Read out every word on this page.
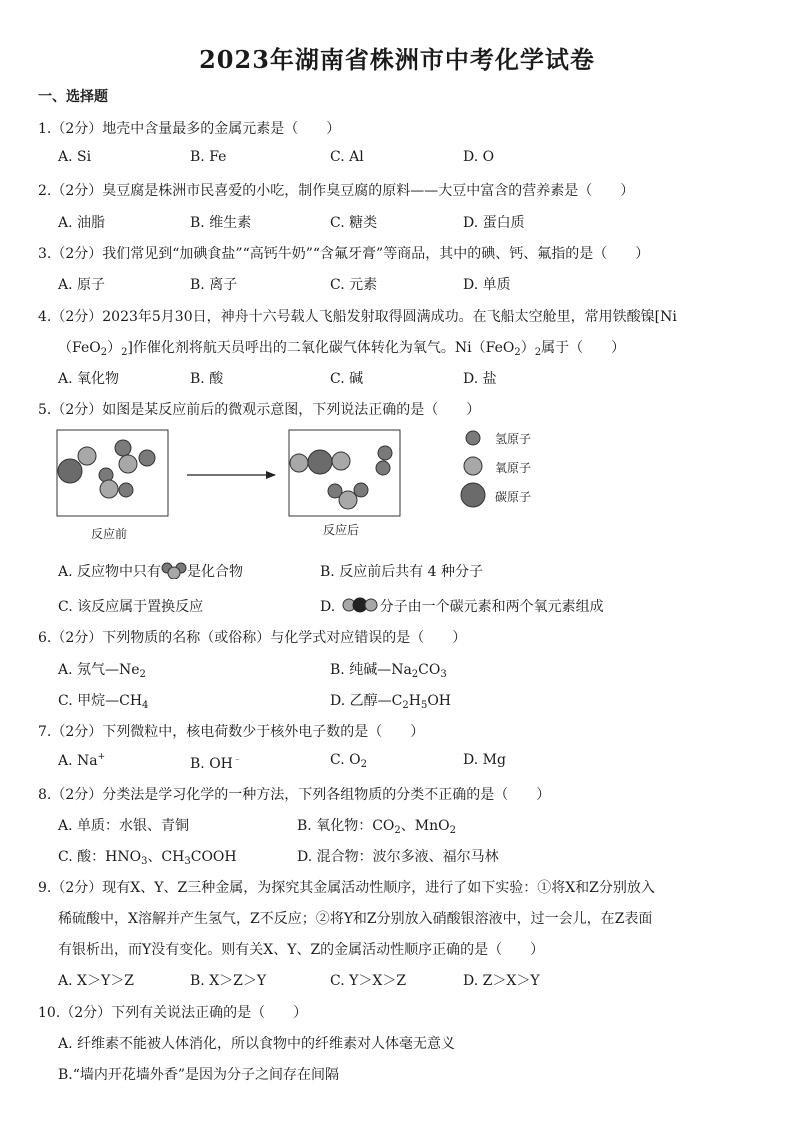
2023年湖南省株洲市中考化学试卷
一、选择题
1.（2分）地壳中含量最多的金属元素是（　　）
A. Si	B. Fe	C. Al	D. O
2.（2分）臭豆腐是株洲市民喜爱的小吃，制作臭豆腐的原料——大豆中富含的营养素是（　　）
A. 油脂	B. 维生素	C. 糖类	D. 蛋白质
3.（2分）我们常见到“加碘食盐”“高钙牛奶”“含氟牙膏”等商品，其中的碘、钙、氟指的是（　　）
A. 原子	B. 离子	C. 元素	D. 单质
4.（2分）2023年5月30日，神舟十六号载人飞船发射取得圆满成功。在飞船太空舱里，常用铁酸镍[Ni
$(FeO_2)_2$]作催化剂将航天员呼出的二氧化碳气体转化为氧气。$Ni(FeO_2)_2$属于（　　）
A. 氧化物	B. 酸	C. 碱	D. 盐
5.（2分）如图是某反应前后的微观示意图，下列说法正确的是（　　）
氢原子
氧原子
碳原子
反应前	反应后
A. 反应物中只有 是化合物	B. 反应前后共有 4 种分子
C. 该反应属于置换反应	D.	分子由一个碳元素和两个氧元素组成
6.（2分）下列物质的名称（或俗称）与化学式对应错误的是（　　）
A. 氖气$—Ne_2$	B. 纯碱$—Na_2CO_3$
C. 甲烷$—CH_4$	D. 乙醇$—C_2H_5OH$
7.（2分）下列微粒中，核电荷数少于核外电子数的是（　　）
A. Na+	B. OH﹣	C. $O_2$	D. Mg
8.（2分）分类法是学习化学的一种方法，下列各组物质的分类不正确的是（　　）
A. 单质：水银、青铜	B. 氧化物：$CO_2$、MnO$_2$
C. 酸：$HNO_3$、$CH_3COOH$	D. 混合物：波尔多液、福尔马林
9.（2分）现有X、Y、Z三种金属，为探究其金属活动性顺序，进行了如下实验：①将X和Z分别放入
稀硫酸中，X溶解并产生氢气，Z不反应；②将Y和Z分别放入硝酸银溶液中，过一会儿，在Z表面
有银析出，而Y没有变化。则有关X、Y、Z的金属活动性顺序正确的是（　　）
A. X＞Y＞Z	B. X＞Z＞Y	C. Y＞X＞Z	D. Z＞X＞Y
10.（2分）下列有关说法正确的是（　　）
A. 纤维素不能被人体消化，所以食物中的纤维素对人体毫无意义
B.“墙内开花墙外香”是因为分子之间存在间隔
